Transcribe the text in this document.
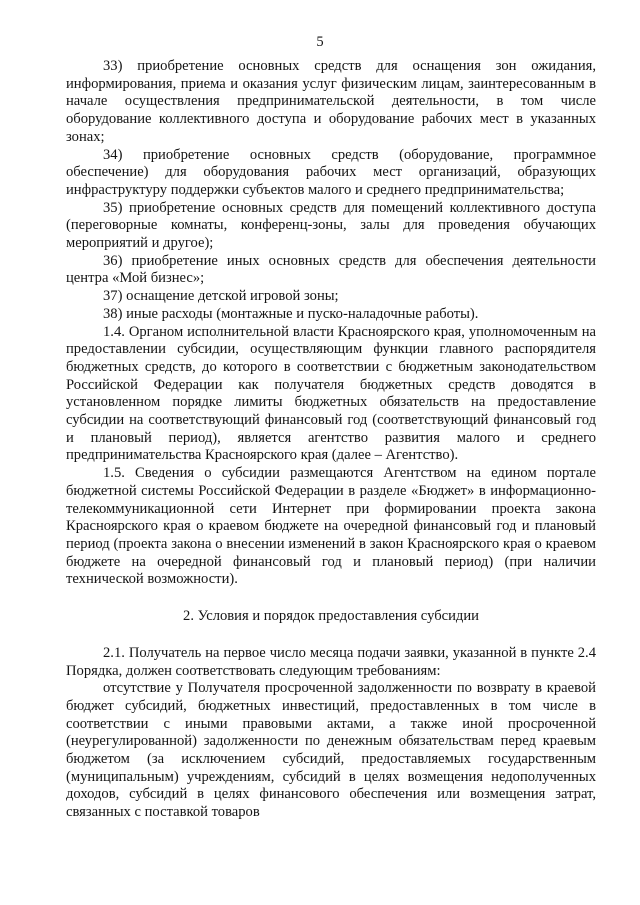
5

33) приобретение основных средств для оснащения зон ожидания, информирования, приема и оказания услуг физическим лицам, заинтересованным в начале осуществления предпринимательской деятельности, в том числе оборудование коллективного доступа и оборудование рабочих мест в указанных зонах;

34) приобретение основных средств (оборудование, программное обеспечение) для оборудования рабочих мест организаций, образующих инфраструктуру поддержки субъектов малого и среднего предпринимательства;

35) приобретение основных средств для помещений коллективного доступа (переговорные комнаты, конференц-зоны, залы для проведения обучающих мероприятий и другое);

36) приобретение иных основных средств для обеспечения деятельности центра «Мой бизнес»;

37) оснащение детской игровой зоны;

38) иные расходы (монтажные и пуско-наладочные работы).

1.4. Органом исполнительной власти Красноярского края, уполномоченным на предоставлении субсидии, осуществляющим функции главного распорядителя бюджетных средств, до которого в соответствии с бюджетным законодательством Российской Федерации как получателя бюджетных средств доводятся в установленном порядке лимиты бюджетных обязательств на предоставление субсидии на соответствующий финансовый год (соответствующий финансовый год и плановый период), является агентство развития малого и среднего предпринимательства Красноярского края (далее – Агентство).

1.5. Сведения о субсидии размещаются Агентством на едином портале бюджетной системы Российской Федерации в разделе «Бюджет» в информационно-телекоммуникационной сети Интернет при формировании проекта закона Красноярского края о краевом бюджете на очередной финансовый год и плановый период (проекта закона о внесении изменений в закон Красноярского края о краевом бюджете на очередной финансовый год и плановый период) (при наличии технической возможности).

2. Условия и порядок предоставления субсидии

2.1. Получатель на первое число месяца подачи заявки, указанной в пункте 2.4 Порядка, должен соответствовать следующим требованиям:

отсутствие у Получателя просроченной задолженности по возврату в краевой бюджет субсидий, бюджетных инвестиций, предоставленных в том числе в соответствии с иными правовыми актами, а также иной просроченной (неурегулированной) задолженности по денежным обязательствам перед краевым бюджетом (за исключением субсидий, предоставляемых государственным (муниципальным) учреждениям, субсидий в целях возмещения недополученных доходов, субсидий в целях финансового обеспечения или возмещения затрат, связанных с поставкой товаров
